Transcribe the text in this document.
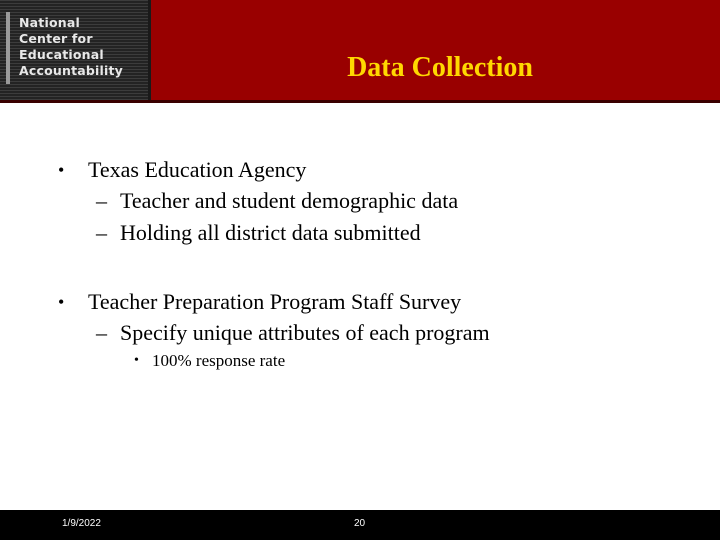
National
Center for
Educational
Accountability	Data Collection
• Texas Education Agency
– Teacher and student demographic data
– Holding all district data submitted
• Teacher Preparation Program Staff Survey
– Specify unique attributes of each program
• 100% response rate
1/9/2022	20
